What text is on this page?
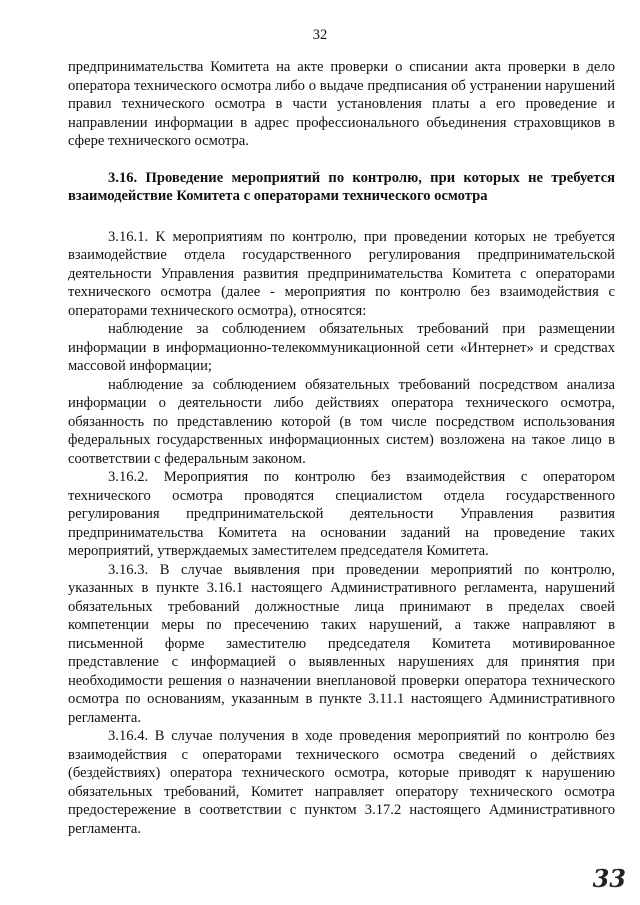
32

предпринимательства Комитета на акте проверки о списании акта проверки в дело оператора технического осмотра либо о выдаче предписания об устранении нарушений правил технического осмотра в части установления платы а его проведение и направлении информации в адрес профессионального объединения страховщиков в сфере технического осмотра.

3.16. Проведение мероприятий по контролю, при которых не требуется взаимодействие Комитета с операторами технического осмотра

3.16.1. К мероприятиям по контролю, при проведении которых не требуется взаимодействие отдела государственного регулирования предпринимательской деятельности Управления развития предпринимательства Комитета с операторами технического осмотра (далее - мероприятия по контролю без взаимодействия с операторами технического осмотра), относятся:

наблюдение за соблюдением обязательных требований при размещении информации в информационно-телекоммуникационной сети «Интернет» и средствах массовой информации;

наблюдение за соблюдением обязательных требований посредством анализа информации о деятельности либо действиях оператора технического осмотра, обязанность по представлению которой (в том числе посредством использования федеральных государственных информационных систем) возложена на такое лицо в соответствии с федеральным законом.

3.16.2. Мероприятия по контролю без взаимодействия с оператором технического осмотра проводятся специалистом отдела государственного регулирования предпринимательской деятельности Управления развития предпринимательства Комитета на основании заданий на проведение таких мероприятий, утверждаемых заместителем председателя Комитета.

3.16.3. В случае выявления при проведении мероприятий по контролю, указанных в пункте 3.16.1 настоящего Административного регламента, нарушений обязательных требований должностные лица принимают в пределах своей компетенции меры по пресечению таких нарушений, а также направляют в письменной форме заместителю председателя Комитета мотивированное представление с информацией о выявленных нарушениях для принятия при необходимости решения о назначении внеплановой проверки оператора технического осмотра по основаниям, указанным в пункте 3.11.1 настоящего Административного регламента.

3.16.4. В случае получения в ходе проведения мероприятий по контролю без взаимодействия с операторами технического осмотра сведений о действиях (бездействиях) оператора технического осмотра, которые приводят к нарушению обязательных требований, Комитет направляет оператору технического осмотра предостережение в соответствии с пунктом 3.17.2 настоящего Административного регламента.

33
